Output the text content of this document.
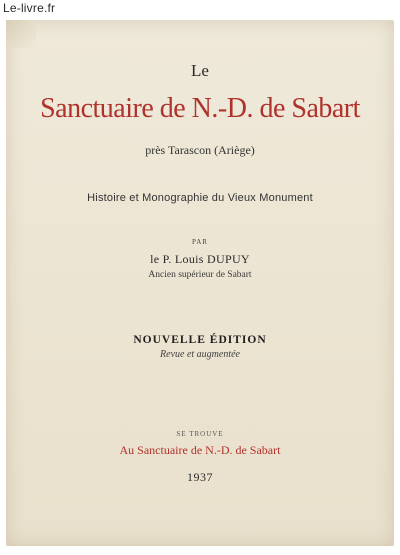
Le-livre.fr
Le
Sanctuaire de N.-D. de Sabart
près Tarascon (Ariège)
Histoire et Monographie du Vieux Monument
PAR
le P. Louis DUPUY
Ancien supérieur de Sabart
NOUVELLE ÉDITION
Revue et augmentée
SE TROUVE
Au Sanctuaire de N.-D. de Sabart
1937
